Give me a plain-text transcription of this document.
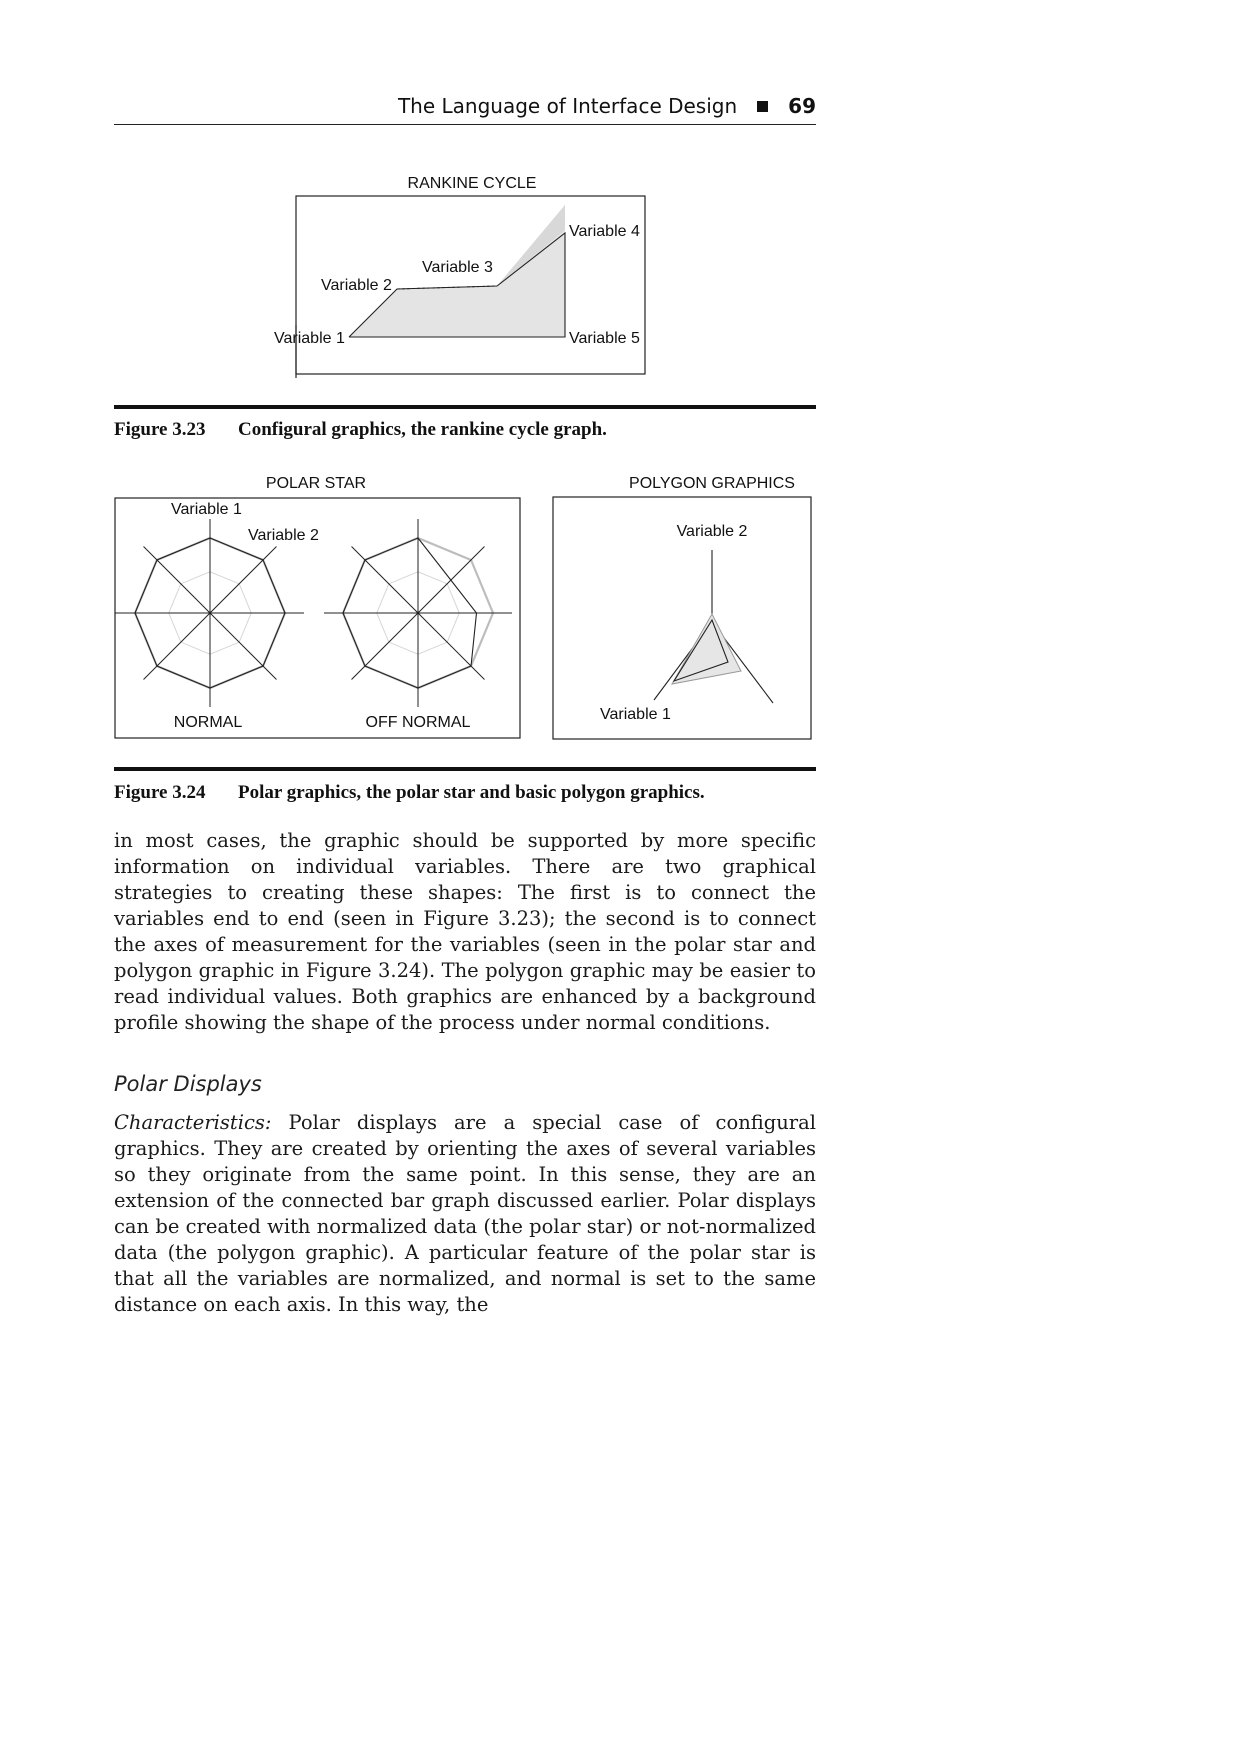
The Language of Interface Design	69
RANKINE CYCLE
Variable 1
Variable 2
Variable 3
Variable 4
Variable 5
Figure 3.23 Configural graphics, the rankine cycle graph.
POLAR STAR	POLYGON GRAPHICS
Variable 1
Variable 2
NORMAL	OFF NORMAL
Variable 2
Variable 1
Figure 3.24 Polar graphics, the polar star and basic polygon graphics.

in most cases, the graphic should be supported by more specific information on individual variables. There are two graphical strategies to creating these shapes: The first is to connect the variables end to end (seen in Figure 3.23); the second is to connect the axes of measurement for the variables (seen in the polar star and polygon graphic in Figure 3.24). The polygon graphic may be easier to read individual values. Both graphics are enhanced by a background profile showing the shape of the process under normal conditions.

Polar Displays
Characteristics: Polar displays are a special case of configural graphics. They are created by orienting the axes of several variables so they originate from the same point. In this sense, they are an extension of the connected bar graph discussed earlier. Polar displays can be created with normalized data (the polar star) or not-normalized data (the polygon graphic). A particular feature of the polar star is that all the variables are normalized, and normal is set to the same distance on each axis. In this way, the
